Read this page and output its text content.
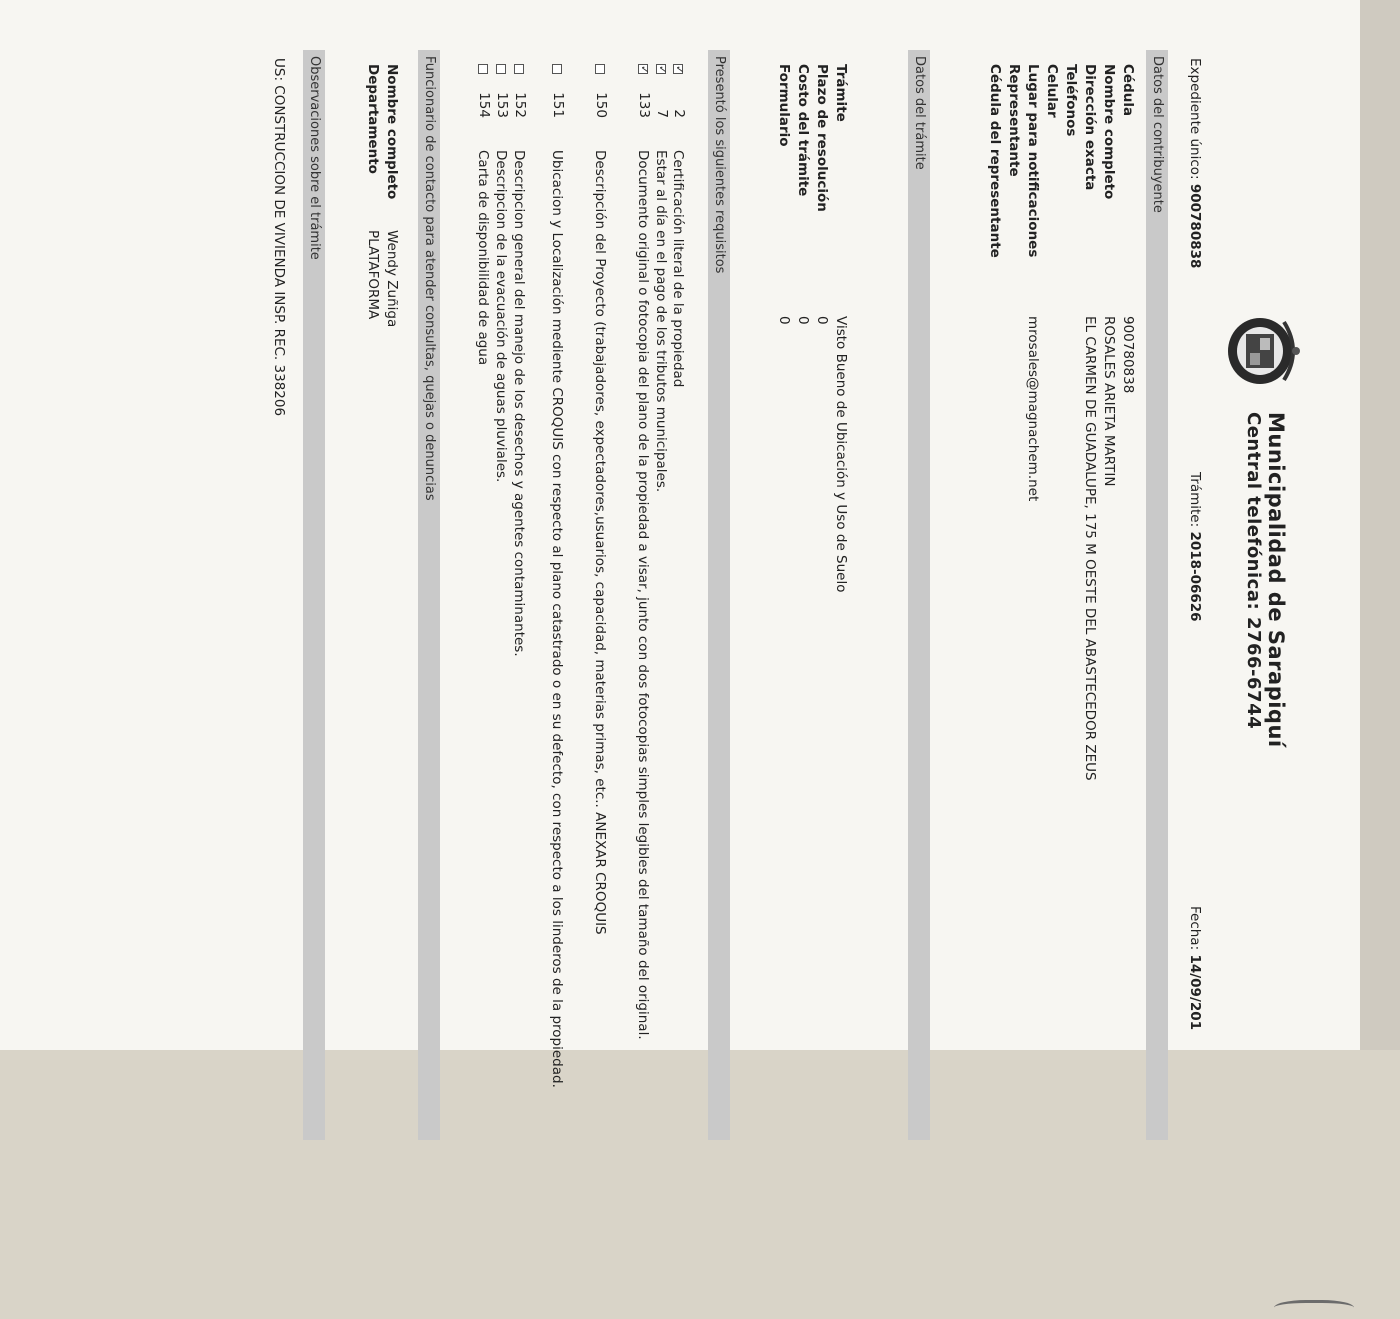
Municipalidad de Sarapiquí
Central telefónica: 2766-6744
Expediente único: 900780838
Trámite: 2018-06626
Fecha: 14/09/201
Datos del contribuyente
Cédula
900780838
Nombre completo
ROSALES ARIETA MARTIN
Dirección exacta
EL CARMEN DE GUADALUPE, 175 M OESTE DEL ABASTECEDOR ZEUS
Teléfonos
Celular
Lugar para notificaciones
mrosales@magnachem.net
Representante
Cédula del representante
Datos del trámite
Trámite
Visto Bueno de Ubicación y Uso de Suelo
Plazo de resolución
0
Costo del trámite
0
Formulario
0
Presentó los siguientes requisitos
✓
2
Certificación literal de la propiedad
✓
7
Estar al día en el pago de los tributos municipales.
✓
133
Documento original o fotocopia del plano de la propiedad a visar, junto con dos fotocopias simples legibles del tamaño del original.
150
Descripción del Proyecto (trabajadores, expectadores,usuarios, capacidad, materias primas, etc.. ANEXAR CROQUIS
151
Ubicacion y Localización mediente CROQUIS con respecto al plano catastrado o en su defecto, con respecto a los linderos de la propiedad.
152
Descripcion general del manejo de los desechos y agentes contaminantes.
153
Descripcion de la evacuación de aguas pluviales.
154
Carta de disponibilidad de agua
Funcionario de contacto para atender consultas, quejas o denuncias
Nombre completo
Wendy Zuñiga
Departamento
PLATAFORMA
Observaciones sobre el trámite
US: CONSTRUCCION DE VIVIENDA INSP. REC. 338206
